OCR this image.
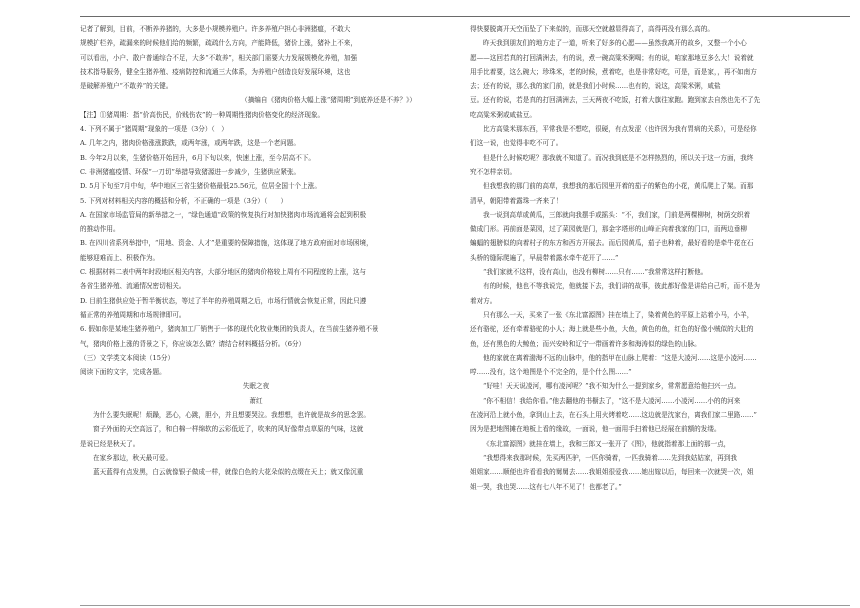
记者了解到，目前，不断养养猪的，大多是小规模养殖户。许多养殖户担心非洲猪瘟，不敢大

规模扩栏养，疏漏来的时候他们给的频繁，疏疏什么方向，产能降低，猪价上涨，猪补上不来，

可以看出，小户、散户普通综合不足，大多“不敢养”，相关部门需要大力发展规模化养殖，加强

技术指导服务，健全生猪养殖、疫病防控和流通三大体系，为养殖户创造良好发展环境，这也

是破解养殖户“不敢养”的关键。

（摘编自《猪肉价格大幅上涨“猪周期”到底养还是不养？》）

【注】①猪周期：指“价高伤民，价贱伤农”的一种周期性猪肉价格变化的经济现象。

4. 下列不属于“猪周期”现象的一项是（3分）（　）

A. 几年之内，猪肉价格涨涨跌跌，或两年涨，或两年跌，这是一个老问题。

B. 今年2月以来，生猪价格开始回升，6月下旬以来，快速上涨，至今居高不下。

C. 非洲猪瘟疫情、环保“一刀切”举措导致猪源进一步减少，生猪供应紧张。

D. 5月下旬至7月中旬，华中地区三省生猪价格最低25.56元，位居全国十个上涨。

5. 下列对材料相关内容的概括和分析，不正确的一项是（3分）（　　）

A. 在国家市场监管局的新举措之一，“绿色通道”政策的恢复执行对加快猪肉市场流通将会起到积极

的推动作用。

B. 在四川省系列举措中，“用地、资金、人才”是重要的保障措施，这体现了地方政府面对市场困境，

能够迎难而上、积极作为。

C. 根据材料二表中两年时段地区相关内容，大部分地区的猪肉价格较上周有不同程度的上涨，这与

各省生猪养殖、流通情况密切相关。

D. 目前生猪供应处于暂半衡状态，等过了半年的养殖周期之后，市场行情就会恢复正常，因此只遵

循正常的养殖周期和市场规律即可。

6. 假如你是某地生猪养殖户，猪肉加工厂销售于一体的现代化牧业集团的负责人，在当前生猪养殖不景

气，猪肉价格上涨的背景之下，你应该怎么做？请结合材料概括分析。（6分）

（三）文学类文本阅读（15分）

阅读下面的文字，完成各题。

失眠之夜

萧红

为什么要失眠呢！烦躁，恶心，心跳，胆小，并且想要哭泣。我想想，也许就是故乡的思念罢。

窗子外面的天空高远了，和白棉一样绵软的云彩低近了，吹来的风好像带点草原的气味，这就

是说已经是秋天了。

在家乡那边，秋天最可爱。

蓝天蓝得有点发黑，白云就像银子做成一样，就像白色的大花朵似的点缀在天上；就又像沉重

得快要脱离开天空而坠了下来似的，而那天空就越显得高了，高得再没有那么高的。

昨天我到朋友们的地方走了一道，听来了好多的心愿——虽然我离开的故乡，又整一个小心

愿——这回若真的打回满洲去，有的说，煮一碗高粱米粥喝；有的说，咱家那地豆多么大！说着就

用手比着要，这么碗大；珍珠米，老的时候，煮着吃，也是非常好吃，可是，而是家，，再不如南方

去；还有的说，那么我的家门前，就是我们小时候……也有的，说这，高梁米粥，咸盐

豆。还有的说，若是真的打回满洲去，三天两夜不吃饭，打着大旗往家跑。跑到家去自然也先不了先

吃高粱米粥或咸盐豆。

比方高粱米那东西，平常我是不想吃，很硬，有点发涩（也许因为我有胃病的关系），可是经你

们这一说，也觉得非吃不可了。

但是什么时候吃呢？那我就不知道了。而况我到底是不怎样热烈的，所以关于这一方面，我终

究不怎样亲切。

但我想我的那门前的高草，我想我的那后园里开着的茄子的紫色的小花，黄瓜爬上了架。而那

清早，朝阳带着露珠一齐来了！

我一说到高草或黄瓜，三郎就向我摆手或摇头：“不，我们家，门前是两棵柳树，树荫交织着

做成门形。再前面是菜园，过了菜园就是门，那金字塔形的山峰正向着我家的门口，而两边垂柳

蝙蝠的翅膀似的向着村子的东方和西方开展去。而后园黄瓜，茄子也种着，最好看的是牵牛花在石

头桥的缝际爬遍了，早晨带着露水牵牛花开了……”

“我们家就不这样，没有高山，也没有柳树……只有……”我常常这样打断他。

有的时候，他也不等我说完，他就接下去，我们讲的故事，彼此都好像是讲给自己听，而不是为

着对方。

只有那么一天，买来了一张《东北富源图》挂在墙上了，染着黄色的平原上站着小马，小羊，

还有骆驼，还有牵着骆驼的小人；海上就是些小鱼，大鱼，黄色的鱼，红色的好像小贼似的大肚的

鱼，还有黑色的大鲸鱼；而兴安岭和辽宁一带画着许多和海涛似的绿色的山脉。

他的家就在离着渤海不远的山脉中，他的指甲在山脉上爬着：“这是大凌河……这是小凌河……

哼……没有，这个地图是个不完全的，是个什么图……”

“好哇！天天说凌河，哪有凌河呢？”我不知为什么一提到家乡，常常愿意给他扫兴一点。

“你不相信！我给你看。”他去翻他的书橱去了，“这不是大凌河……小凌河……小的的河来

在凌河沿上就小鱼，拿到山上去，在石头上用火烤着吃……这边就是沈家台，离我们家二里路……”

因为是把地图摊在地板上看的缘故，一面说，他一面用手扫着他已经展在前额的发缕。

《东北富源图》就挂在墙上，我和三郎又一张开了《图》，他就指着那上面的那一点，

“我想得来我那时候，先买两匹驴，一匹你骑着，一匹我骑着……先到我姑姑家，再到我

姐姐家……顺便也许看看我的舅舅去……我姐姐很爱我……她出嫁以后，每回来一次就哭一次，姐

姐一哭，我也哭……这有七八年不见了！也都老了。”
